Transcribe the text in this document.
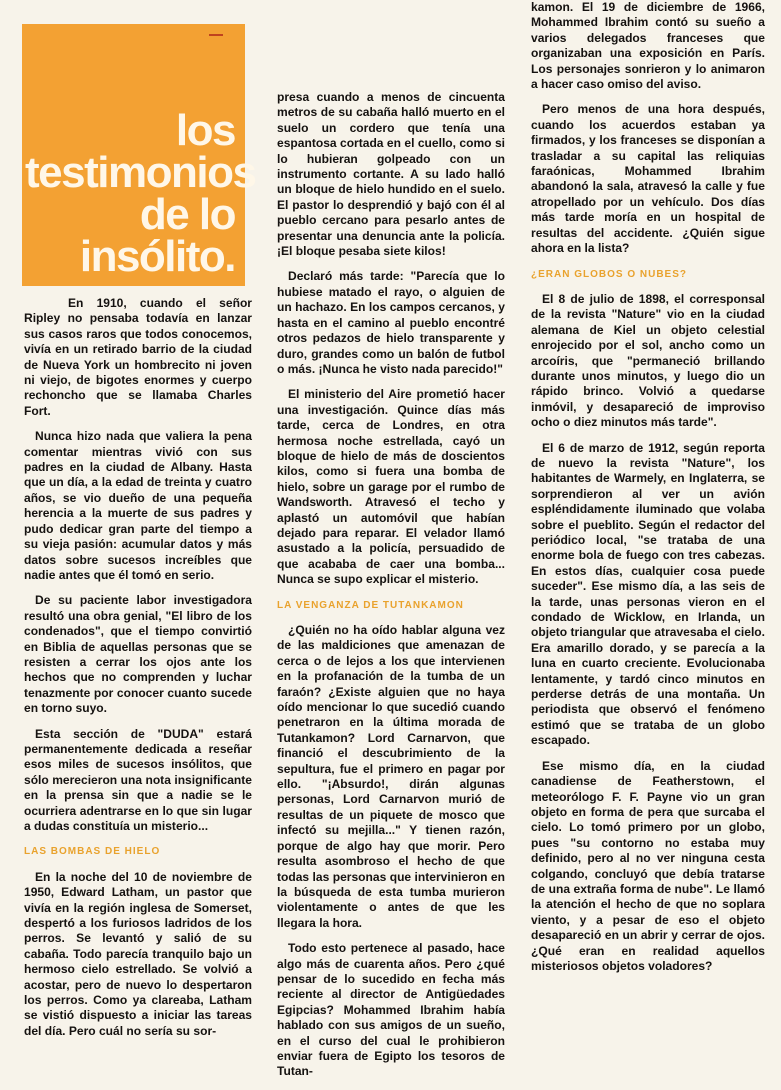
los testimonios de lo insólito.

En 1910, cuando el señor Ripley no pensaba todavía en lanzar sus casos raros que todos conocemos, vivía en un retirado barrio de la ciudad de Nueva York un hombrecito ni joven ni viejo, de bigotes enormes y cuerpo rechoncho que se llamaba Charles Fort.

Nunca hizo nada que valiera la pena comentar mientras vivió con sus padres en la ciudad de Albany. Hasta que un día, a la edad de treinta y cuatro años, se vio dueño de una pequeña herencia a la muerte de sus padres y pudo dedicar gran parte del tiempo a su vieja pasión: acumular datos y más datos sobre sucesos increíbles que nadie antes que él tomó en serio.

De su paciente labor investigadora resultó una obra genial, "El libro de los condenados", que el tiempo convirtió en Biblia de aquellas personas que se resisten a cerrar los ojos ante los hechos que no comprenden y luchar tenazmente por conocer cuanto sucede en torno suyo.

Esta sección de "DUDA" estará permanentemente dedicada a reseñar esos miles de sucesos insólitos, que sólo merecieron una nota insignificante en la prensa sin que a nadie se le ocurriera adentrarse en lo que sin lugar a dudas constituía un misterio...

LAS BOMBAS DE HIELO

En la noche del 10 de noviembre de 1950, Edward Latham, un pastor que vivía en la región inglesa de Somerset, despertó a los furiosos ladridos de los perros. Se levantó y salió de su cabaña. Todo parecía tranquilo bajo un hermoso cielo estrellado. Se volvió a acostar, pero de nuevo lo despertaron los perros. Como ya clareaba, Latham se vistió dispuesto a iniciar las tareas del día. Pero cuál no sería su sor-

presa cuando a menos de cincuenta metros de su cabaña halló muerto en el suelo un cordero que tenía una espantosa cortada en el cuello, como si lo hubieran golpeado con un instrumento cortante. A su lado halló un bloque de hielo hundido en el suelo. El pastor lo desprendió y bajó con él al pueblo cercano para pesarlo antes de presentar una denuncia ante la policía. ¡El bloque pesaba siete kilos!

Declaró más tarde: "Parecía que lo hubiese matado el rayo, o alguien de un hachazo. En los campos cercanos, y hasta en el camino al pueblo encontré otros pedazos de hielo transparente y duro, grandes como un balón de futbol o más. ¡Nunca he visto nada parecido!"

El ministerio del Aire prometió hacer una investigación. Quince días más tarde, cerca de Londres, en otra hermosa noche estrellada, cayó un bloque de hielo de más de doscientos kilos, como si fuera una bomba de hielo, sobre un garage por el rumbo de Wandsworth. Atravesó el techo y aplastó un automóvil que habían dejado para reparar. El velador llamó asustado a la policía, persuadido de que acababa de caer una bomba... Nunca se supo explicar el misterio.

LA VENGANZA DE TUTANKAMON

¿Quién no ha oído hablar alguna vez de las maldiciones que amenazan de cerca o de lejos a los que intervienen en la profanación de la tumba de un faraón? ¿Existe alguien que no haya oído mencionar lo que sucedió cuando penetraron en la última morada de Tutankamon? Lord Carnarvon, que financió el descubrimiento de la sepultura, fue el primero en pagar por ello. "¡Absurdo!, dirán algunas personas, Lord Carnarvon murió de resultas de un piquete de mosco que infectó su mejilla..." Y tienen razón, porque de algo hay que morir. Pero resulta asombroso el hecho de que todas las personas que intervinieron en la búsqueda de esta tumba murieron violentamente o antes de que les llegara la hora.

Todo esto pertenece al pasado, hace algo más de cuarenta años. Pero ¿qué pensar de lo sucedido en fecha más reciente al director de Antigüedades Egipcias? Mohammed Ibrahim había hablado con sus amigos de un sueño, en el curso del cual le prohibieron enviar fuera de Egipto los tesoros de Tutan-

kamon. El 19 de diciembre de 1966, Mohammed Ibrahim contó su sueño a varios delegados franceses que organizaban una exposición en París. Los personajes sonrieron y lo animaron a hacer caso omiso del aviso.

Pero menos de una hora después, cuando los acuerdos estaban ya firmados, y los franceses se disponían a trasladar a su capital las reliquias faraónicas, Mohammed Ibrahim abandonó la sala, atravesó la calle y fue atropellado por un vehículo. Dos días más tarde moría en un hospital de resultas del accidente. ¿Quién sigue ahora en la lista?

¿ERAN GLOBOS O NUBES?

El 8 de julio de 1898, el corresponsal de la revista "Nature" vio en la ciudad alemana de Kiel un objeto celestial enrojecido por el sol, ancho como un arcoíris, que "permaneció brillando durante unos minutos, y luego dio un rápido brinco. Volvió a quedarse inmóvil, y desapareció de improviso ocho o diez minutos más tarde".

El 6 de marzo de 1912, según reporta de nuevo la revista "Nature", los habitantes de Warmely, en Inglaterra, se sorprendieron al ver un avión espléndidamente iluminado que volaba sobre el pueblito. Según el redactor del periódico local, "se trataba de una enorme bola de fuego con tres cabezas. En estos días, cualquier cosa puede suceder". Ese mismo día, a las seis de la tarde, unas personas vieron en el condado de Wicklow, en Irlanda, un objeto triangular que atravesaba el cielo. Era amarillo dorado, y se parecía a la luna en cuarto creciente. Evolucionaba lentamente, y tardó cinco minutos en perderse detrás de una montaña. Un periodista que observó el fenómeno estimó que se trataba de un globo escapado.

Ese mismo día, en la ciudad canadiense de Featherstown, el meteorólogo F. F. Payne vio un gran objeto en forma de pera que surcaba el cielo. Lo tomó primero por un globo, pues "su contorno no estaba muy definido, pero al no ver ninguna cesta colgando, concluyó que debía tratarse de una extraña forma de nube". Le llamó la atención el hecho de que no soplara viento, y a pesar de eso el objeto desapareció en un abrir y cerrar de ojos. ¿Qué eran en realidad aquellos misteriosos objetos voladores?
